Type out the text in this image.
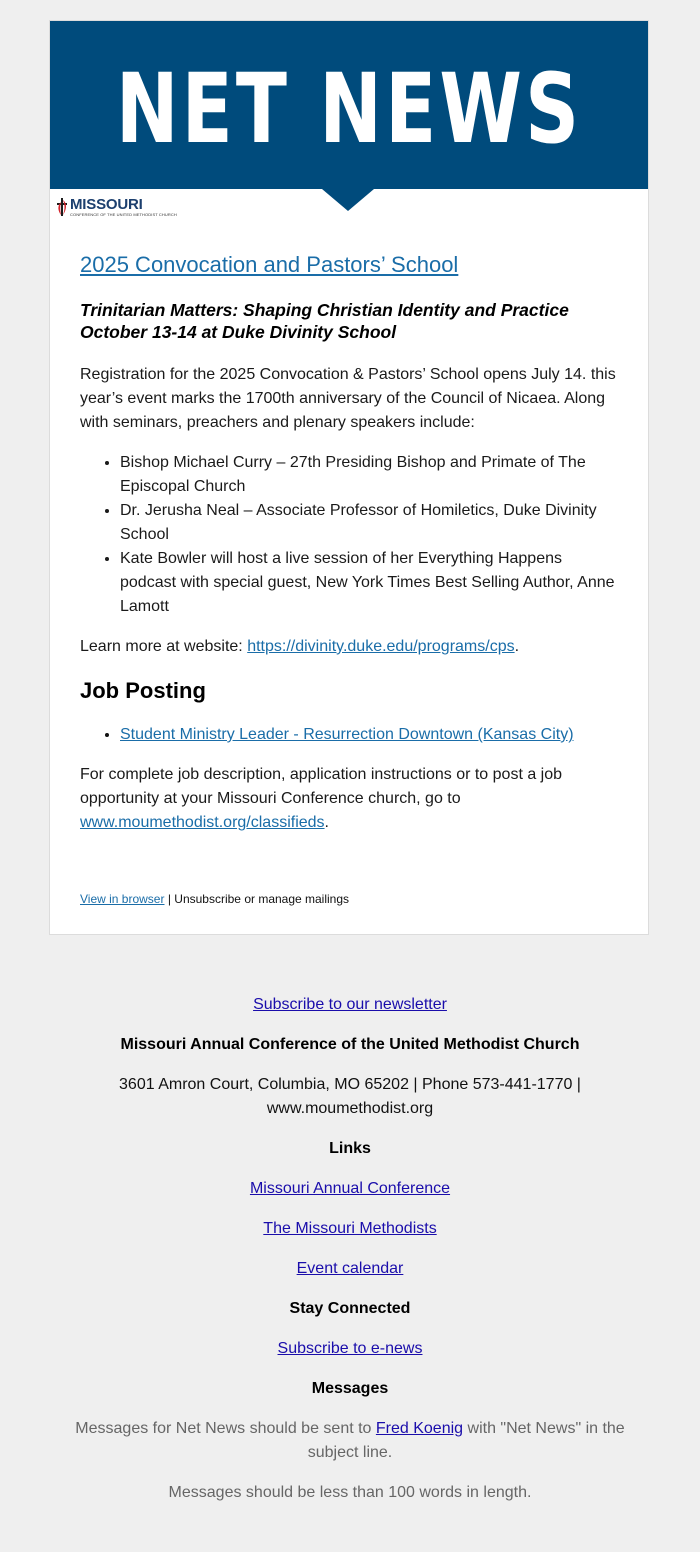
NET NEWS
MISSOURI
CONFERENCE OF THE UNITED METHODIST CHURCH
2025 Convocation and Pastors’ School
Trinitarian Matters: Shaping Christian Identity and Practice
October 13-14 at Duke Divinity School

Registration for the 2025 Convocation & Pastors’ School opens July 14. this year’s event marks the 1700th anniversary of the Council of Nicaea. Along with seminars, preachers and plenary speakers include:

• Bishop Michael Curry – 27th Presiding Bishop and Primate of The Episcopal Church
• Dr. Jerusha Neal – Associate Professor of Homiletics, Duke Divinity School
• Kate Bowler will host a live session of her Everything Happens podcast with special guest, New York Times Best Selling Author, Anne Lamott
Learn more at website: https://divinity.duke.edu/programs/cps.
Job Posting
• Student Ministry Leader - Resurrection Downtown (Kansas City)
For complete job description, application instructions or to post a job opportunity at your Missouri Conference church, go to www.moumethodist.org/classifieds.
View in browser | Unsubscribe or manage mailings

Subscribe to our newsletter

Missouri Annual Conference of the United Methodist Church

3601 Amron Court, Columbia, MO 65202 | Phone 573-441-1770 | www.moumethodist.org

Links

Missouri Annual Conference

The Missouri Methodists

Event calendar

Stay Connected

Subscribe to e-news

Messages

Messages for Net News should be sent to Fred Koenig with "Net News" in the subject line.

Messages should be less than 100 words in length.
